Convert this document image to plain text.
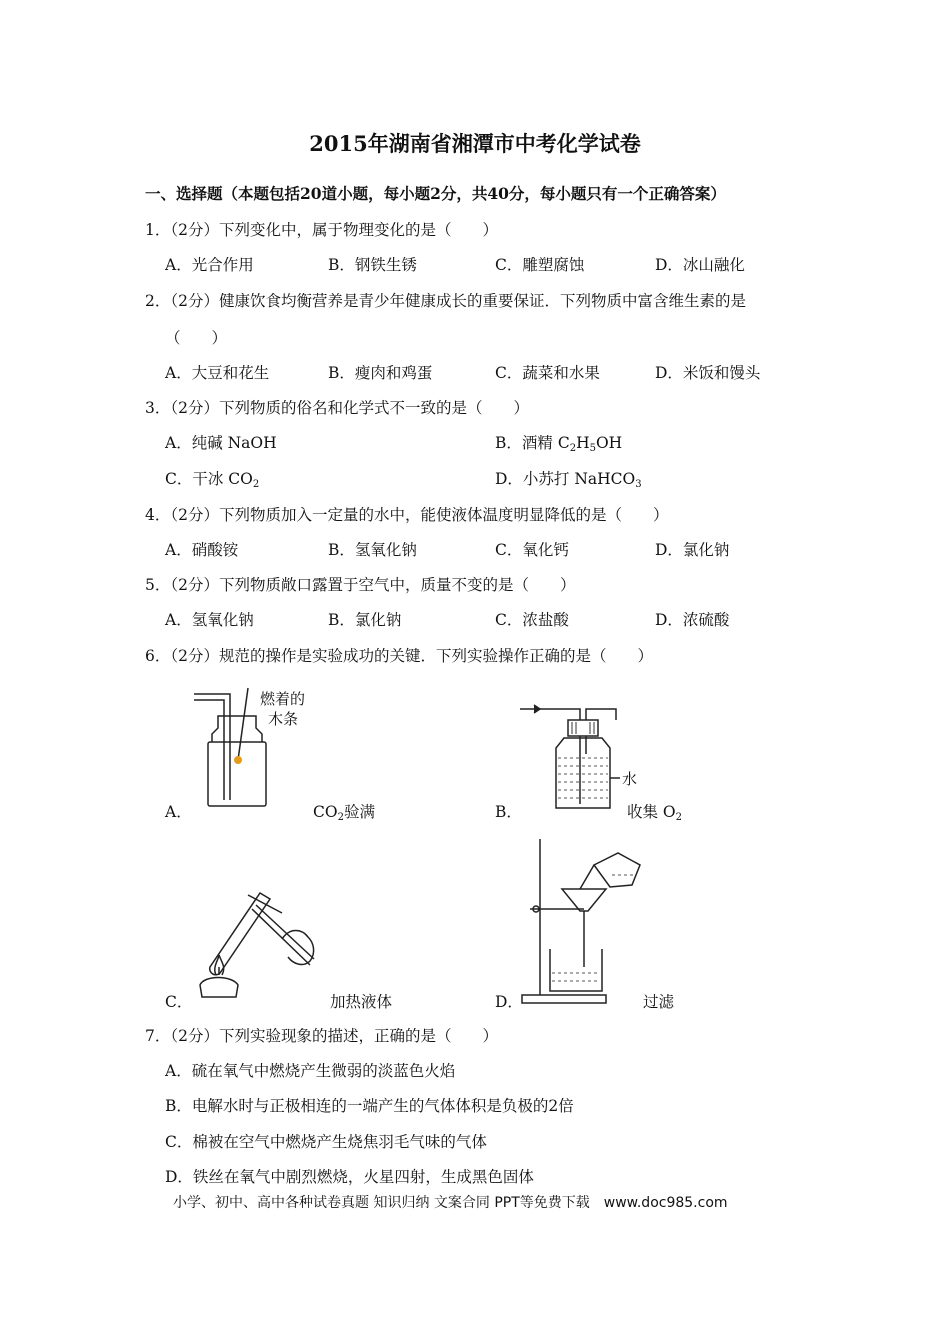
2015年湖南省湘潭市中考化学试卷
一、选择题（本题包括20道小题，每小题2分，共40分，每小题只有一个正确答案）
1．（2分）下列变化中，属于物理变化的是（　　）
A．光合作用	B．钢铁生锈	C．雕塑腐蚀	D．冰山融化
2．（2分）健康饮食均衡营养是青少年健康成长的重要保证．下列物质中富含维生素的是
（　　）
A．大豆和花生	B．瘦肉和鸡蛋	C．蔬菜和水果	D．米饭和馒头
3．（2分）下列物质的俗名和化学式不一致的是（　　）
A．纯碱 NaOH	B．酒精 $C_2H_5OH$
C．干冰 $CO_2$	D．小苏打 NaHCO$_3$
4．（2分）下列物质加入一定量的水中，能使液体温度明显降低的是（　　）
A．硝酸铵	B．氢氧化钠	C．氧化钙	D．氯化钠
5．（2分）下列物质敞口露置于空气中，质量不变的是（　　）
A．氢氧化钠	B．氯化钠	C．浓盐酸	D．浓硫酸
6．（2分）规范的操作是实验成功的关键．下列实验操作正确的是（　　）
燃着的
木条
A．	$CO_2$验满
水
B．	收集 $O_2$
C．	加热液体	D．	过滤
7．（2分）下列实验现象的描述，正确的是（　　）
A．硫在氧气中燃烧产生微弱的淡蓝色火焰
B．电解水时与正极相连的一端产生的气体体积是负极的2倍
C．棉被在空气中燃烧产生烧焦羽毛气味的气体
D．铁丝在氧气中剧烈燃烧，火星四射，生成黑色固体
小学、初中、高中各种试卷真题 知识归纳 文案合同 PPT等免费下载　www.doc985.com
